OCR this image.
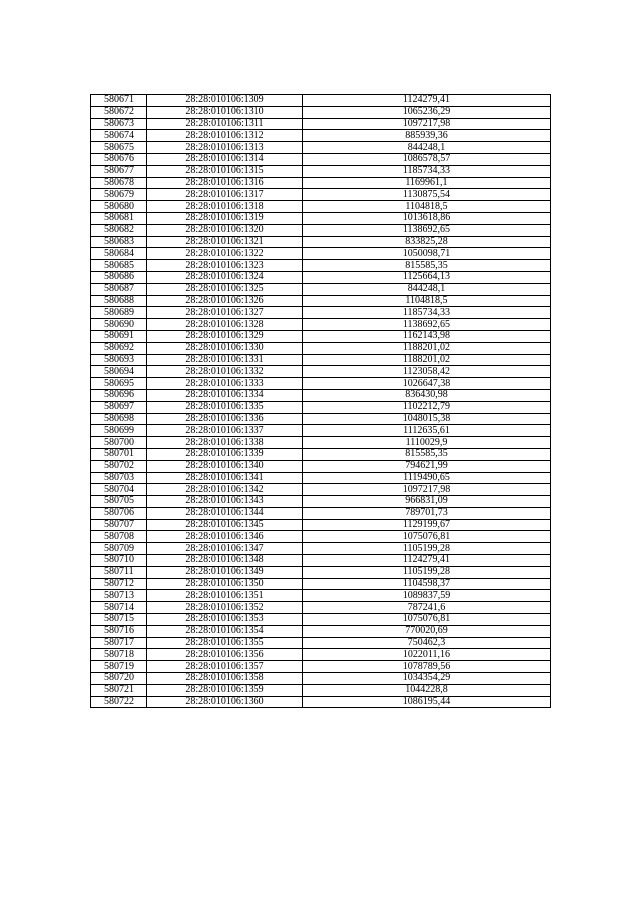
580671	28:28:010106:1309	1124279,41
580672	28:28:010106:1310	1065236,29
580673	28:28:010106:1311	1097217,98
580674	28:28:010106:1312	885939,36
580675	28:28:010106:1313	844248,1
580676	28:28:010106:1314	1086578,57
580677	28:28:010106:1315	1185734,33
580678	28:28:010106:1316	1169961,1
580679	28:28:010106:1317	1130875,54
580680	28:28:010106:1318	1104818,5
580681	28:28:010106:1319	1013618,86
580682	28:28:010106:1320	1138692,65
580683	28:28:010106:1321	833825,28
580684	28:28:010106:1322	1050098,71
580685	28:28:010106:1323	815585,35
580686	28:28:010106:1324	1125664,13
580687	28:28:010106:1325	844248,1
580688	28:28:010106:1326	1104818,5
580689	28:28:010106:1327	1185734,33
580690	28:28:010106:1328	1138692,65
580691	28:28:010106:1329	1162143,98
580692	28:28:010106:1330	1188201,02
580693	28:28:010106:1331	1188201,02
580694	28:28:010106:1332	1123058,42
580695	28:28:010106:1333	1026647,38
580696	28:28:010106:1334	836430,98
580697	28:28:010106:1335	1102212,79
580698	28:28:010106:1336	1048015,38
580699	28:28:010106:1337	1112635,61
580700	28:28:010106:1338	1110029,9
580701	28:28:010106:1339	815585,35
580702	28:28:010106:1340	794621,99
580703	28:28:010106:1341	1119490,65
580704	28:28:010106:1342	1097217,98
580705	28:28:010106:1343	966831,09
580706	28:28:010106:1344	789701,73
580707	28:28:010106:1345	1129199,67
580708	28:28:010106:1346	1075076,81
580709	28:28:010106:1347	1105199,28
580710	28:28:010106:1348	1124279,41
580711	28:28:010106:1349	1105199,28
580712	28:28:010106:1350	1104598,37
580713	28:28:010106:1351	1089837,59
580714	28:28:010106:1352	787241,6
580715	28:28:010106:1353	1075076,81
580716	28:28:010106:1354	770020,69
580717	28:28:010106:1355	750462,3
580718	28:28:010106:1356	1022011,16
580719	28:28:010106:1357	1078789,56
580720	28:28:010106:1358	1034354,29
580721	28:28:010106:1359	1044228,8
580722	28:28:010106:1360	1086195,44
